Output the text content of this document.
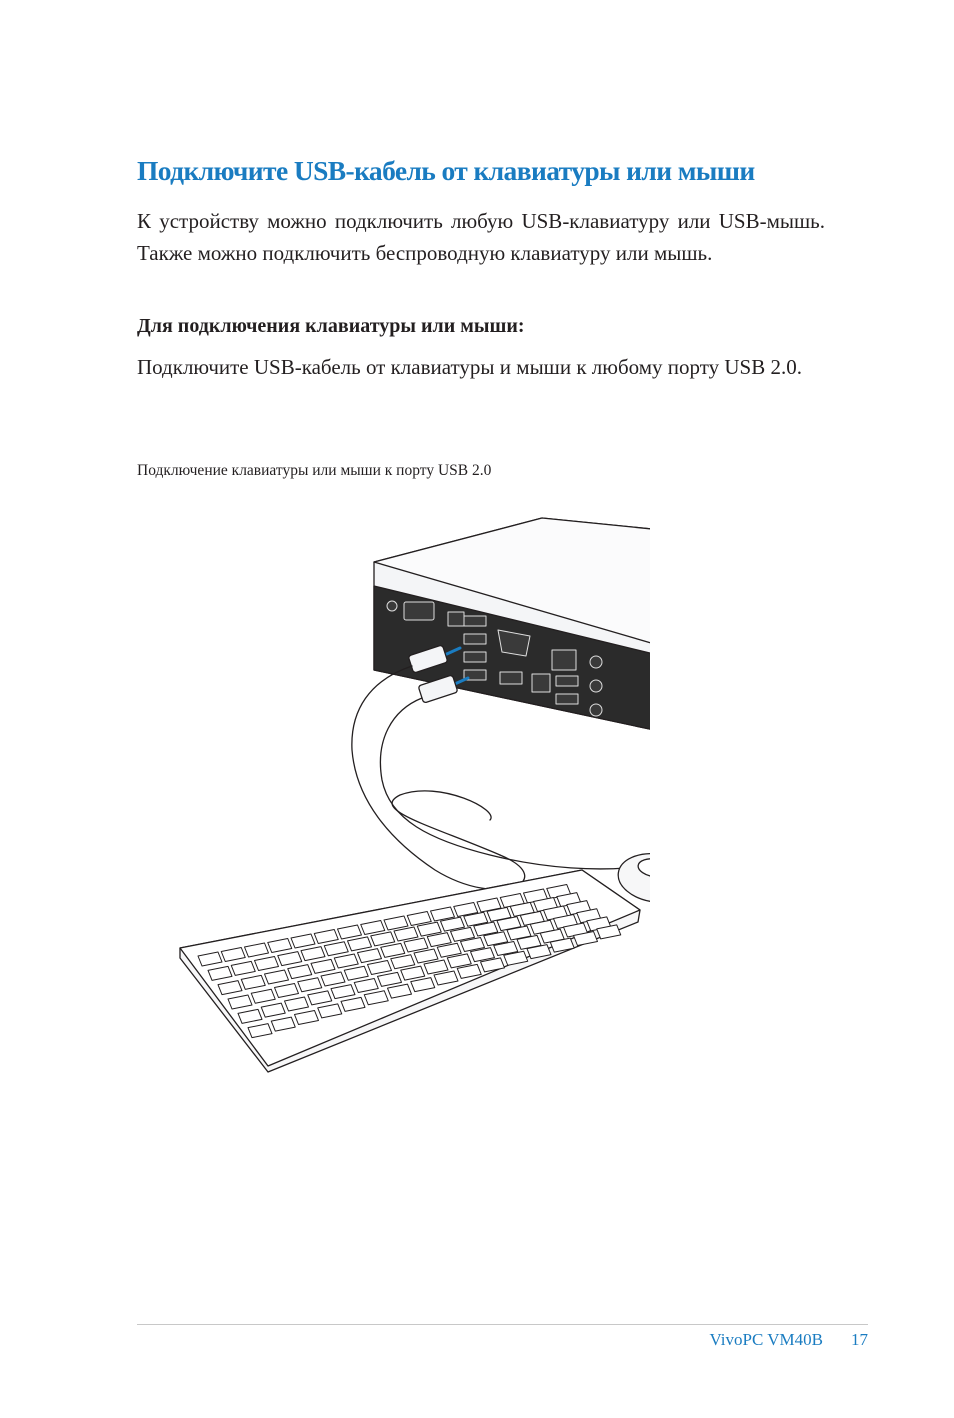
Подключите USB-кабель от клавиатуры или мыши

К устройству можно подключить любую USB-клавиатуру или USB-мышь. Также можно подключить беспроводную клавиатуру или мышь.

Для подключения клавиатуры или мыши:

Подключите USB-кабель от клавиатуры и мыши к любому порту USB 2.0.

Подключение клавиатуры или мыши к порту USB 2.0

VivoPC VM40B 17
